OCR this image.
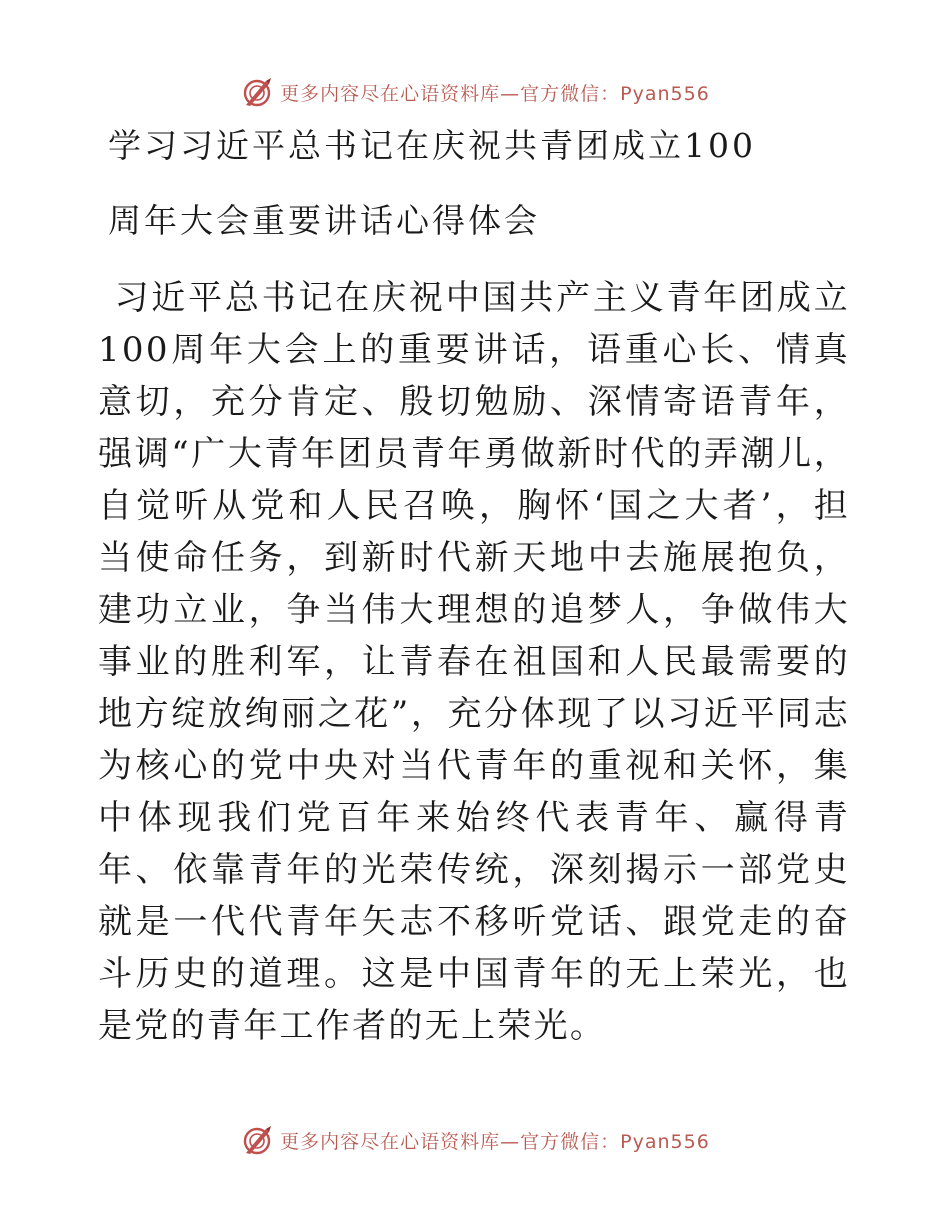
更多内容尽在心语资料库—官方微信：Pyan556
学习习近平总书记在庆祝共青团成立100
周年大会重要讲话心得体会

习近平总书记在庆祝中国共产主义青年团成立100周年大会上的重要讲话，语重心长、情真意切，充分肯定、殷切勉励、深情寄语青年，强调“广大青年团员青年勇做新时代的弄潮儿，自觉听从党和人民召唤，胸怀‘国之大者’，担当使命任务，到新时代新天地中去施展抱负，建功立业，争当伟大理想的追梦人，争做伟大事业的胜利军，让青春在祖国和人民最需要的地方绽放绚丽之花”，充分体现了以习近平同志为核心的党中央对当代青年的重视和关怀，集中体现我们党百年来始终代表青年、赢得青年、依靠青年的光荣传统，深刻揭示一部党史就是一代代青年矢志不移听党话、跟党走的奋斗历史的道理。这是中国青年的无上荣光，也是党的青年工作者的无上荣光。

更多内容尽在心语资料库—官方微信：Pyan556
